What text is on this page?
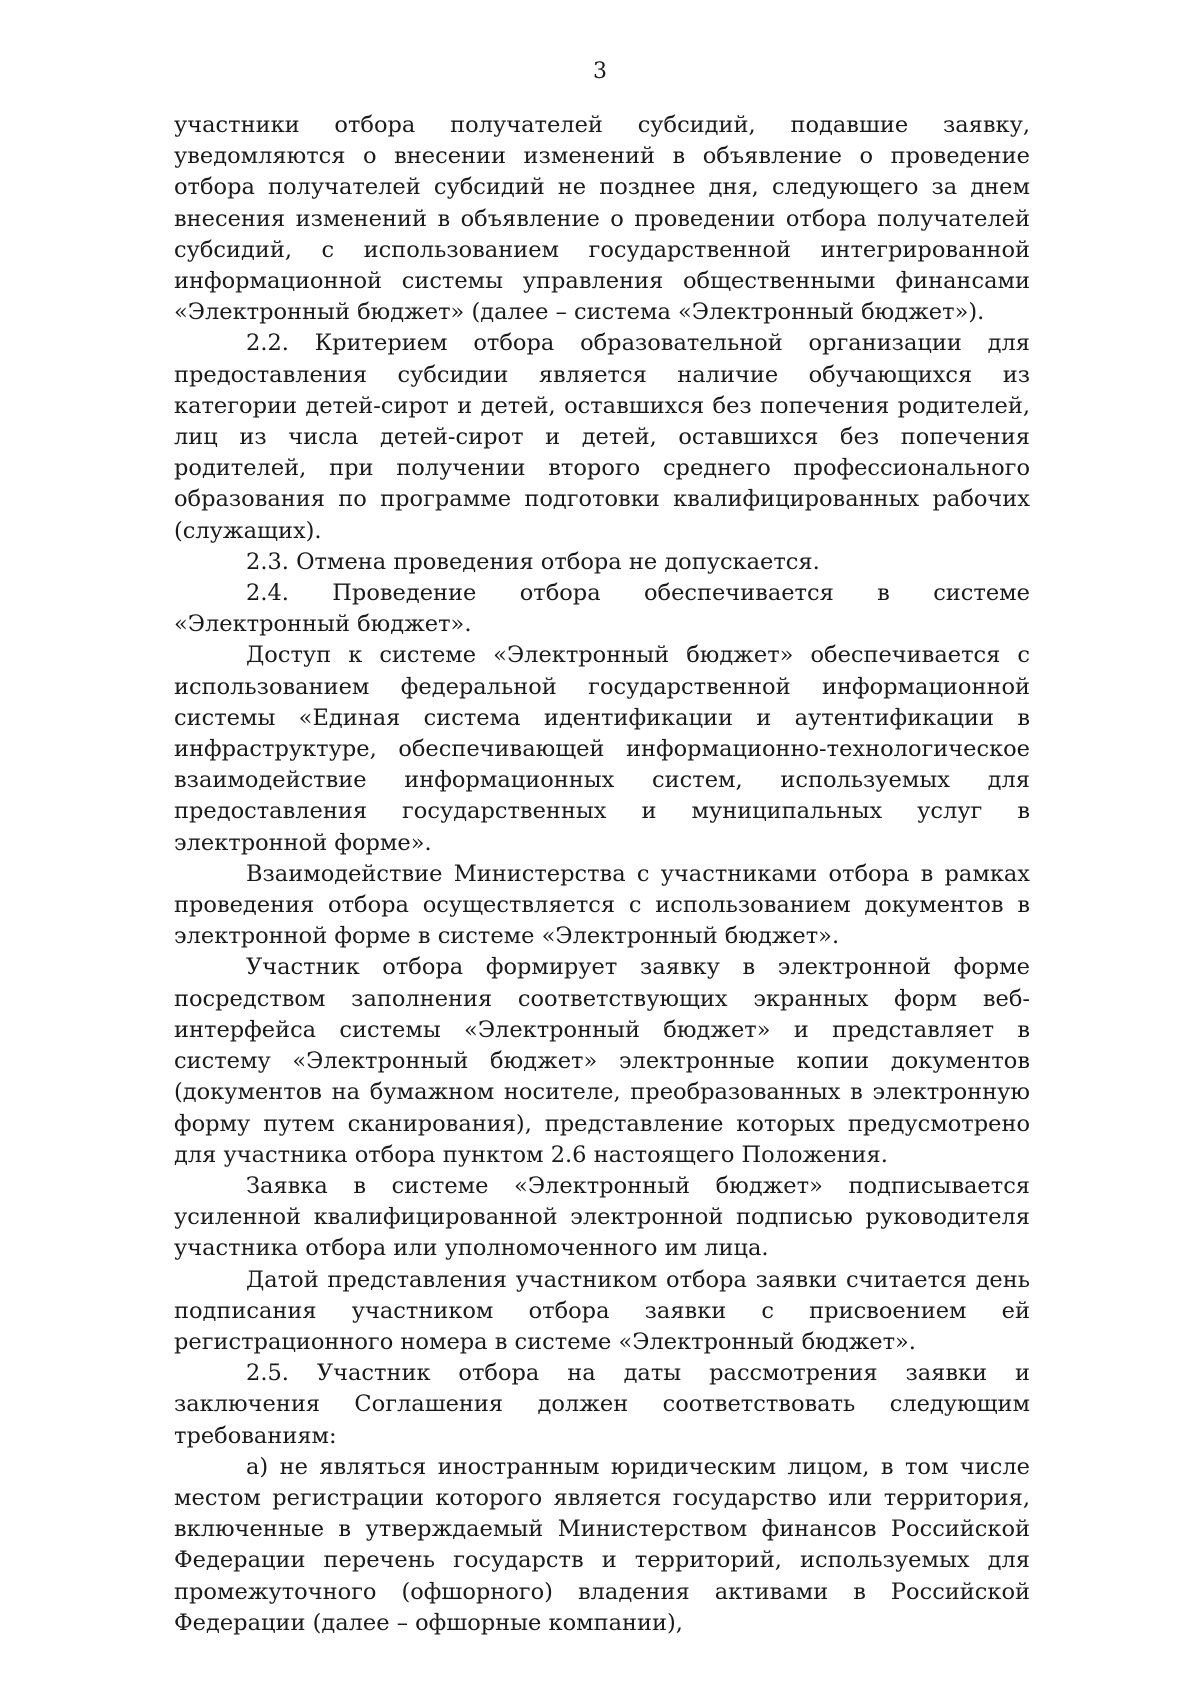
3

участники отбора получателей субсидий, подавшие заявку, уведомляются о внесении изменений в объявление о проведение отбора получателей субсидий не позднее дня, следующего за днем внесения изменений в объявление о проведении отбора получателей субсидий, с использованием государственной интегрированной информационной системы управления общественными финансами «Электронный бюджет» (далее – система «Электронный бюджет»).

2.2. Критерием отбора образовательной организации для предоставления субсидии является наличие обучающихся из категории детей-сирот и детей, оставшихся без попечения родителей, лиц из числа детей-сирот и детей, оставшихся без попечения родителей, при получении второго среднего профессионального образования по программе подготовки квалифицированных рабочих (служащих).

2.3. Отмена проведения отбора не допускается.

2.4. Проведение отбора обеспечивается в системе «Электронный бюджет».

Доступ к системе «Электронный бюджет» обеспечивается с использованием федеральной государственной информационной системы «Единая система идентификации и аутентификации в инфраструктуре, обеспечивающей информационно-технологическое взаимодействие информационных систем, используемых для предоставления государственных и муниципальных услуг в электронной форме».

Взаимодействие Министерства с участниками отбора в рамках проведения отбора осуществляется с использованием документов в электронной форме в системе «Электронный бюджет».

Участник отбора формирует заявку в электронной форме посредством заполнения соответствующих экранных форм веб-интерфейса системы «Электронный бюджет» и представляет в систему «Электронный бюджет» электронные копии документов (документов на бумажном носителе, преобразованных в электронную форму путем сканирования), представление которых предусмотрено для участника отбора пунктом 2.6 настоящего Положения.

Заявка в системе «Электронный бюджет» подписывается усиленной квалифицированной электронной подписью руководителя участника отбора или уполномоченного им лица.

Датой представления участником отбора заявки считается день подписания участником отбора заявки с присвоением ей регистрационного номера в системе «Электронный бюджет».

2.5. Участник отбора на даты рассмотрения заявки и заключения Соглашения должен соответствовать следующим требованиям:

а) не являться иностранным юридическим лицом, в том числе местом регистрации которого является государство или территория, включенные в утверждаемый Министерством финансов Российской Федерации перечень государств и территорий, используемых для промежуточного (офшорного) владения активами в Российской Федерации (далее – офшорные компании),
